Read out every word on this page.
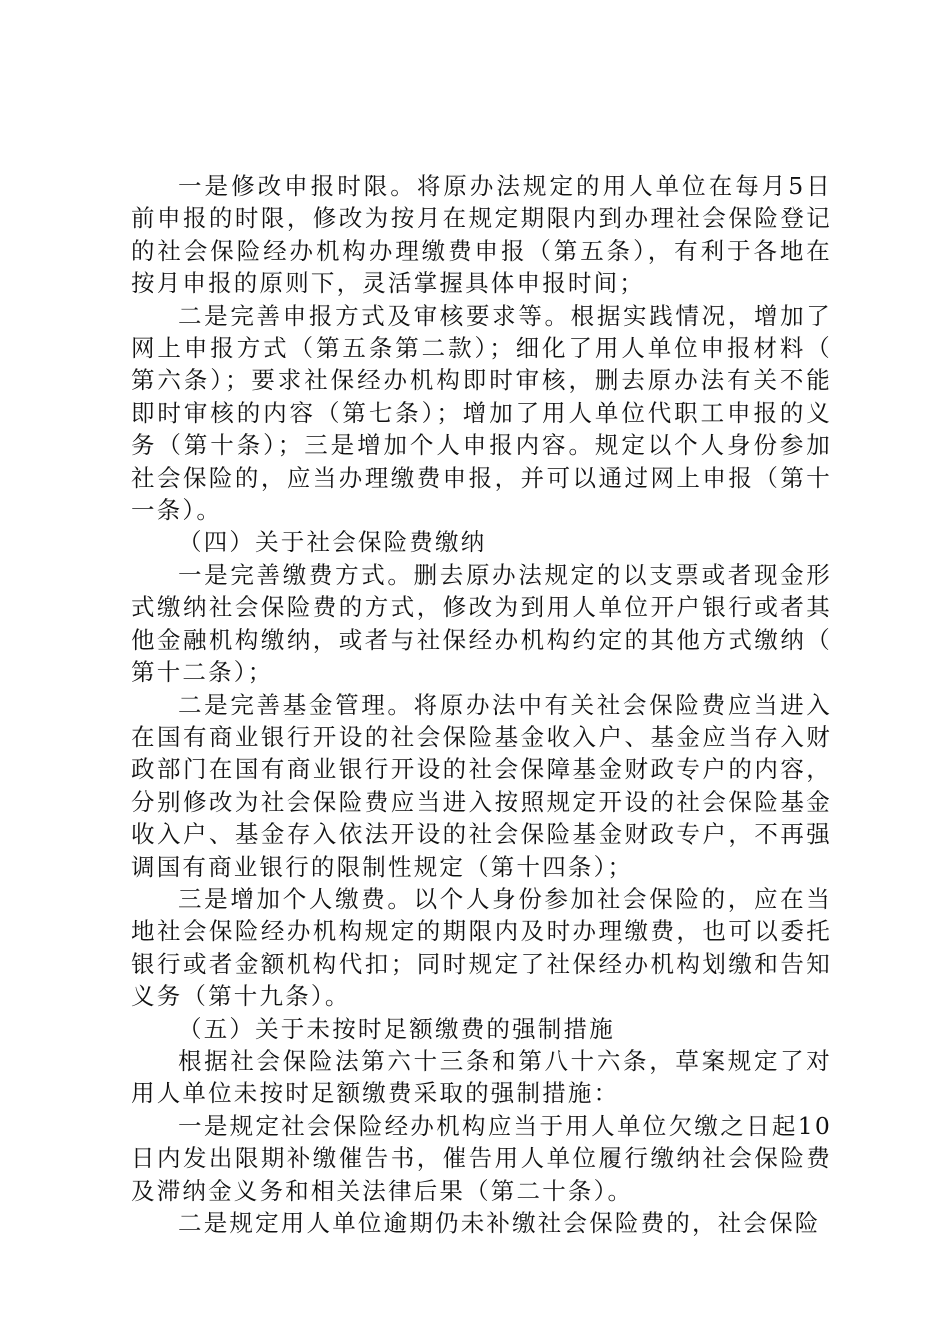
一是修改申报时限。将原办法规定的用人单位在每月5日前申报的时限，修改为按月在规定期限内到办理社会保险登记的社会保险经办机构办理缴费申报（第五条），有利于各地在按月申报的原则下，灵活掌握具体申报时间；

二是完善申报方式及审核要求等。根据实践情况，增加了网上申报方式（第五条第二款）；细化了用人单位申报材料（第六条）；要求社保经办机构即时审核，删去原办法有关不能即时审核的内容（第七条）；增加了用人单位代职工申报的义务（第十条）；三是增加个人申报内容。规定以个人身份参加社会保险的，应当办理缴费申报，并可以通过网上申报（第十一条）。

（四）关于社会保险费缴纳

一是完善缴费方式。删去原办法规定的以支票或者现金形式缴纳社会保险费的方式，修改为到用人单位开户银行或者其他金融机构缴纳，或者与社保经办机构约定的其他方式缴纳（第十二条）；

二是完善基金管理。将原办法中有关社会保险费应当进入在国有商业银行开设的社会保险基金收入户、基金应当存入财政部门在国有商业银行开设的社会保障基金财政专户的内容，分别修改为社会保险费应当进入按照规定开设的社会保险基金收入户、基金存入依法开设的社会保险基金财政专户，不再强调国有商业银行的限制性规定（第十四条）；

三是增加个人缴费。以个人身份参加社会保险的，应在当地社会保险经办机构规定的期限内及时办理缴费，也可以委托银行或者金额机构代扣；同时规定了社保经办机构划缴和告知义务（第十九条）。

（五）关于未按时足额缴费的强制措施

根据社会保险法第六十三条和第八十六条，草案规定了对用人单位未按时足额缴费采取的强制措施：

一是规定社会保险经办机构应当于用人单位欠缴之日起10日内发出限期补缴催告书，催告用人单位履行缴纳社会保险费及滞纳金义务和相关法律后果（第二十条）。

二是规定用人单位逾期仍未补缴社会保险费的，社会保险
